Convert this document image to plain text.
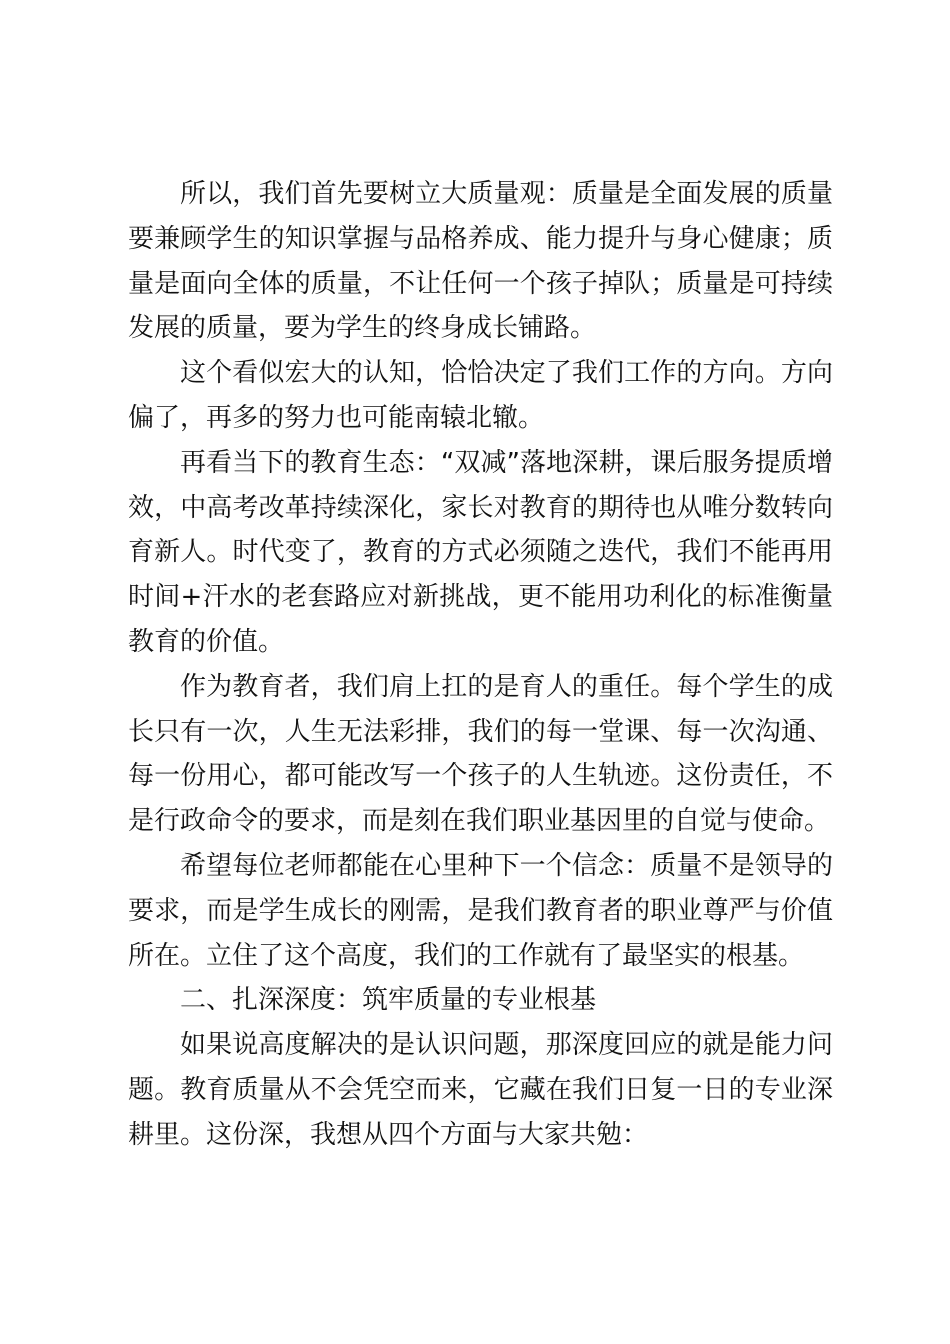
所以，我们首先要树立大质量观：质量是全面发展的质量要兼顾学生的知识掌握与品格养成、能力提升与身心健康；质量是面向全体的质量，不让任何一个孩子掉队；质量是可持续发展的质量，要为学生的终身成长铺路。

这个看似宏大的认知，恰恰决定了我们工作的方向。方向偏了，再多的努力也可能南辕北辙。

再看当下的教育生态：“双减”落地深耕，课后服务提质增效，中高考改革持续深化，家长对教育的期待也从唯分数转向育新人。时代变了，教育的方式必须随之迭代，我们不能再用时间+汗水的老套路应对新挑战，更不能用功利化的标准衡量教育的价值。

作为教育者，我们肩上扛的是育人的重任。每个学生的成长只有一次，人生无法彩排，我们的每一堂课、每一次沟通、每一份用心，都可能改写一个孩子的人生轨迹。这份责任，不是行政命令的要求，而是刻在我们职业基因里的自觉与使命。

希望每位老师都能在心里种下一个信念：质量不是领导的要求，而是学生成长的刚需，是我们教育者的职业尊严与价值所在。立住了这个高度，我们的工作就有了最坚实的根基。

二、扎深深度：筑牢质量的专业根基

如果说高度解决的是认识问题，那深度回应的就是能力问题。教育质量从不会凭空而来，它藏在我们日复一日的专业深耕里。这份深，我想从四个方面与大家共勉：
